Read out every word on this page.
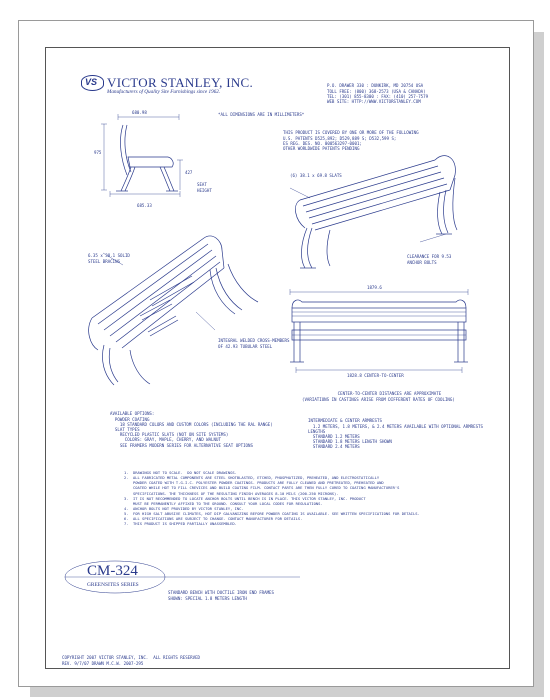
VS VICTOR STANLEY, INC.
Manufacturers of Quality Site Furnishings since 1962.

P.O. DRAWER 330 : DUNKIRK, MD 20754 USA
TOLL FREE: (800) 368-2573 (USA & CANADA)
TEL: (301) 855-8300 : FAX: (410) 257-7579
WEB SITE: HTTP://WWW.VICTORSTANLEY.COM

*ALL DIMENSIONS ARE IN MILLIMETERS*

THIS PRODUCT IS COVERED BY ONE OR MORE OF THE FOLLOWING
U.S. PATENTS D525,892; D529,889 S; D532,599 S;
ES REG. DES. NO. 000563297-0001;
OTHER WORLDWIDE PATENTS PENDING

680.98
975
427

SEAT
HEIGHT

685.33
(6) 38.1 x 69.8 SLATS

CLEARANCE FOR 9.53
ANCHOR BOLTS

6.35 x 38.1 SOLID
STEEL BRACING

INTEGRAL WELDED CROSS-MEMBERS
OF 42.93 TUBULAR STEEL

1879.6
1828.8 CENTER-TO-CENTER

CENTER-TO-CENTER DISTANCES ARE APPROXIMATE
(VARIATIONS IN CASTINGS ARISE FROM DIFFERENT RATES OF COOLING)

AVAILABLE OPTIONS:
POWDER COATING
18 STANDARD COLORS AND CUSTOM COLORS (INCLUDING THE RAL RANGE)
SLAT TYPES
RECYCLED PLASTIC SLATS (NOT ON SITE SYSTEMS)
COLORS: GRAY, MAPLE, CHERRY, AND WALNUT
SEE FRAMERS MODERN SERIES FOR ALTERNATIVE SEAT OPTIONS

INTERMEDIATE & CENTER ARMRESTS
1.2 METERS, 1.8 METERS, & 2.4 METERS AVAILABLE WITH OPTIONAL ARMRESTS
LENGTHS
STANDARD 1.2 METERS
STANDARD 1.8 METERS LENGTH SHOWN
STANDARD 2.4 METERS

1.  DRAWINGS NOT TO SCALE.  DO NOT SCALE DRAWINGS.
2.  ALL FABRICATED METAL COMPONENTS ARE STEEL SHOTBLASTED, ETCHED, PHOSPHATIZED, PREHEATED, AND ELECTROSTATICALLY
POWDER COATED WITH T.G.I.C. POLYESTER POWDER COATINGS. PRODUCTS ARE FULLY CLEANED AND PRETREATED, PREHEATED AND
COATED WHILE HOT TO FILL CREVICES AND BUILD COATING FILM. CONTACT PARTS ARE THEN FULLY CURED TO COATING MANUFACTURER'S
SPECIFICATIONS. THE THICKNESS OF THE RESULTING FINISH AVERAGES 8-10 MILS (200-250 MICRONS).
3.  IT IS NOT RECOMMENDED TO LOCATE ANCHOR BOLTS UNTIL BENCH IS IN PLACE. THIS VICTOR STANLEY, INC. PRODUCT
MUST BE PERMANENTLY AFFIXED TO THE GROUND. CONSULT YOUR LOCAL CODES FOR REGULATIONS.
4.  ANCHOR BOLTS NOT PROVIDED BY VICTOR STANLEY, INC.
5.  FOR HIGH SALT ABUSIVE CLIMATES, HOT DIP GALVANIZING BEFORE POWDER COATING IS AVAILABLE. SEE WRITTEN SPECIFICATIONS FOR DETAILS.
6.  ALL SPECIFICATIONS ARE SUBJECT TO CHANGE. CONTACT MANUFACTURER FOR DETAILS.
7.  THIS PRODUCT IS SHIPPED PARTIALLY UNASSEMBLED.

CM-324
GREENSITES SERIES

STANDARD BENCH WITH DUCTILE IRON END FRAMES
SHOWN: SPECIAL 1.8 METERS LENGTH

COPYRIGHT 2007 VICTOR STANLEY, INC.  ALL RIGHTS RESERVED
REV. 9/7/07 DRAWN M.C.W. 2007-295
